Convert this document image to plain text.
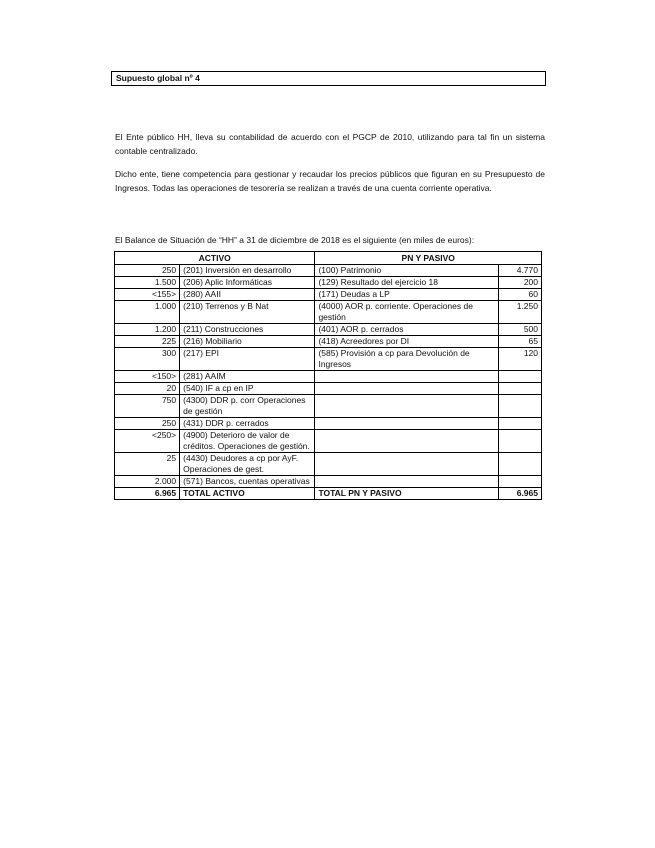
Supuesto global nº 4

El Ente público HH, lleva su contabilidad de acuerdo con el PGCP de 2010, utilizando para tal fin un sistema contable centralizado.

Dicho ente, tiene competencia para gestionar y recaudar los precios públicos que figuran en su Presupuesto de Ingresos. Todas las operaciones de tesorería se realizan a través de una cuenta corriente operativa.

El Balance de Situación de “HH” a 31 de diciembre de 2018 es el siguiente (en miles de euros):
ACTIVO		PN Y PASIVO	
250	(201) Inversión en desarrollo	(100) Patrimonio	4.770
1.500	(206) Aplic Informáticas	(129) Resultado del ejercicio 18	200
<155>	(280) AAII	(171) Deudas a LP	60
1.000	(210) Terrenos y B Nat	(4000) AOR p. corriente. Operaciones de gestión	1.250
1.200	(211) Construcciones	(401) AOR p. cerrados	500
225	(216) Mobiliario	(418) Acreedores por DI	65
300	(217) EPI	(585) Provisión a cp para Devolución de Ingresos	120
<150>	(281) AAIM		
20	(540) IF a cp en IP		
750	(4300) DDR p. corr Operaciones de gestión		
250	(431) DDR p. cerrados		
<250>	(4900) Deterioro de valor de créditos. Operaciones de gestión.		
25	(4430) Deudores a cp por AyF. Operaciones de gest.		
2.000	(571) Bancos, cuentas operativas		
6.965	TOTAL ACTIVO	TOTAL PN Y PASIVO	6.965
